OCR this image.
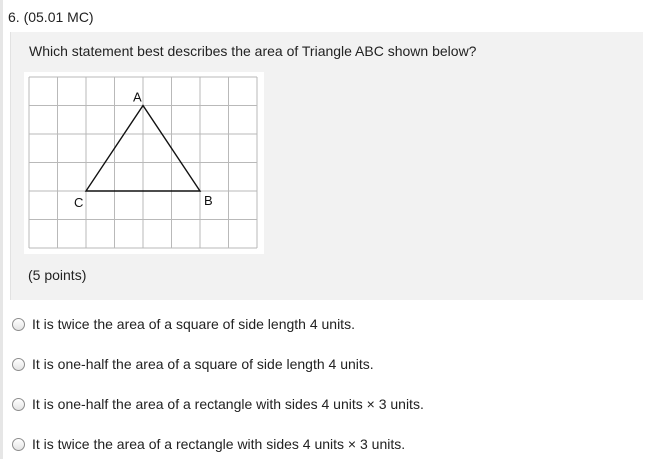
6. (05.01 MC)
Which statement best describes the area of Triangle ABC shown below?
A
B
C
(5 points)
It is twice the area of a square of side length 4 units.
It is one-half the area of a square of side length 4 units.
It is one-half the area of a rectangle with sides 4 units × 3 units.
It is twice the area of a rectangle with sides 4 units × 3 units.
